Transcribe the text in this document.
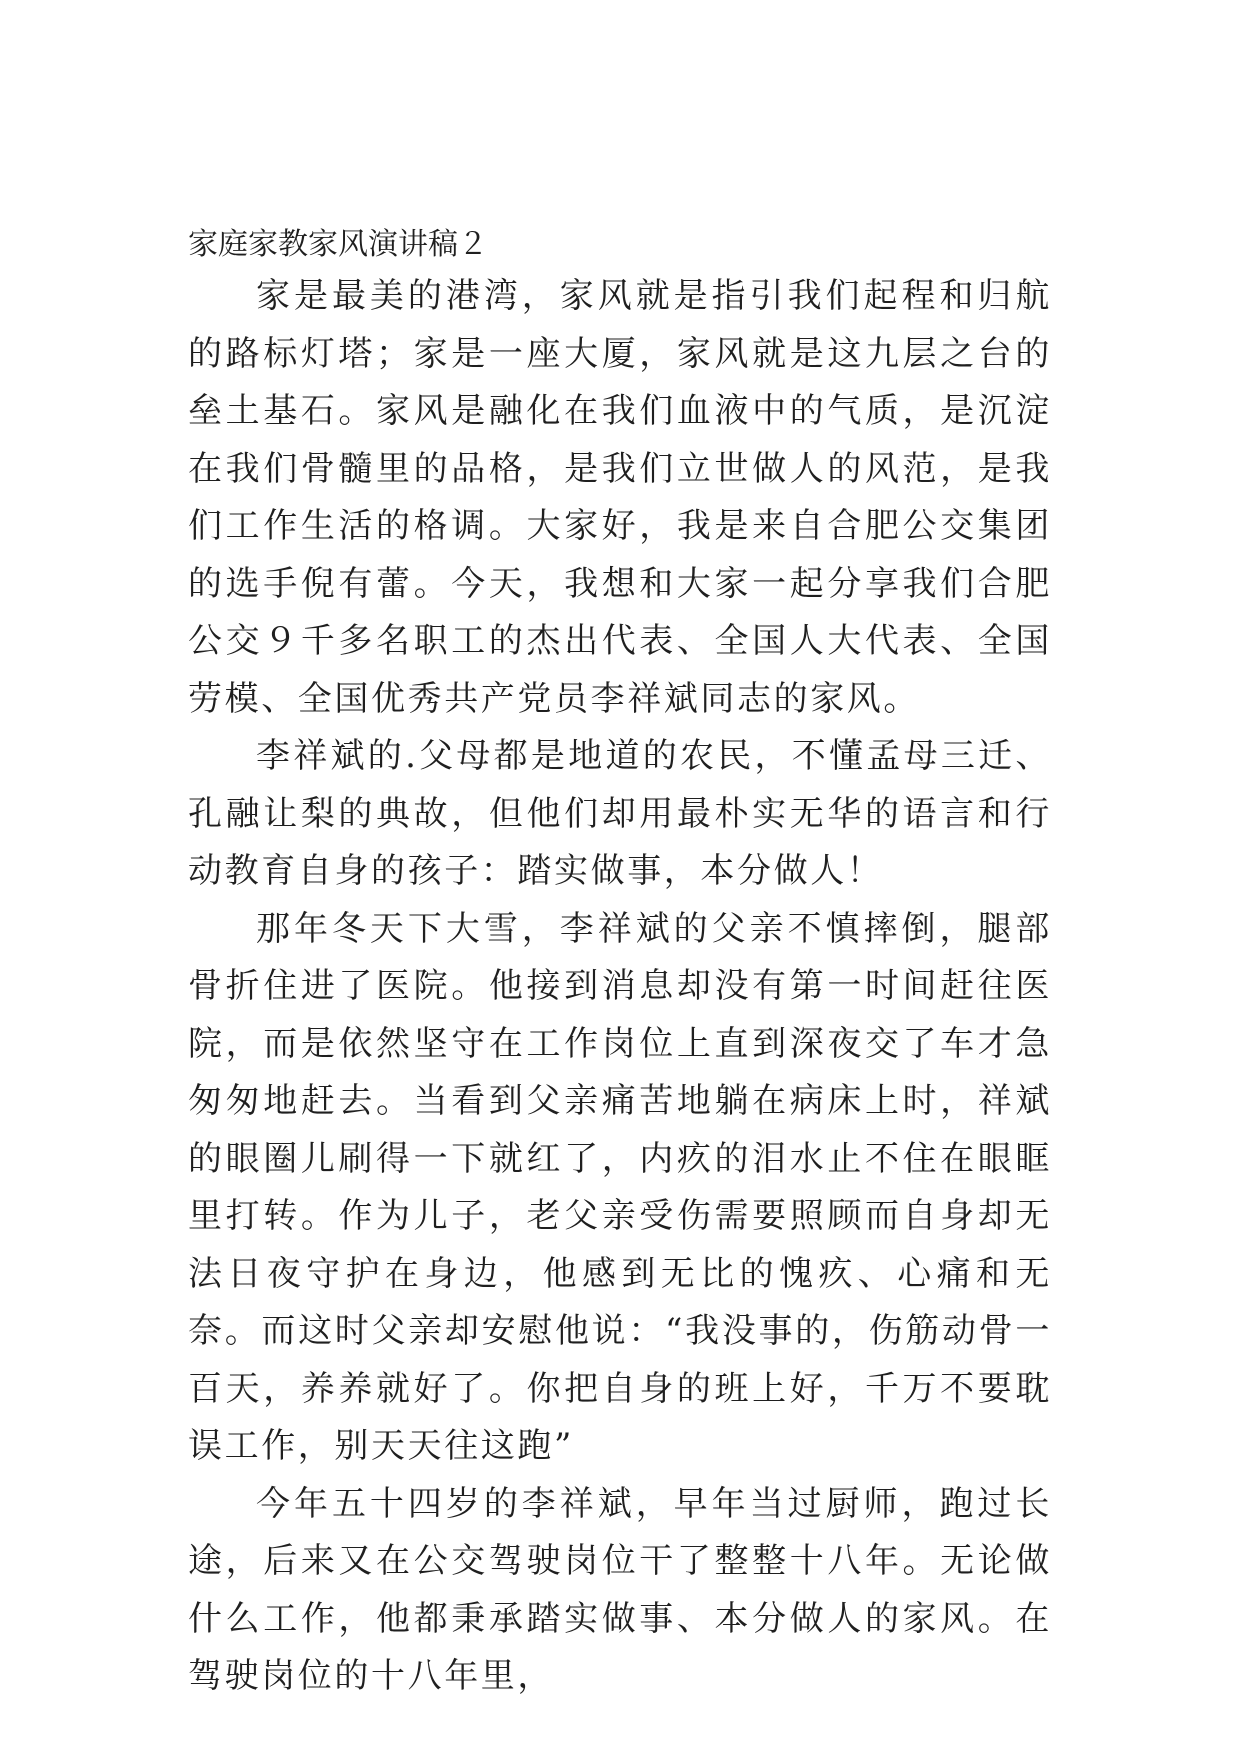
家庭家教家风演讲稿２

家是最美的港湾，家风就是指引我们起程和归航的路标灯塔；家是一座大厦，家风就是这九层之台的垒土基石。家风是融化在我们血液中的气质，是沉淀在我们骨髓里的品格，是我们立世做人的风范，是我们工作生活的格调。大家好，我是来自合肥公交集团的选手倪有蕾。今天，我想和大家一起分享我们合肥公交９千多名职工的杰出代表、全国人大代表、全国劳模、全国优秀共产党员李祥斌同志的家风。

李祥斌的.父母都是地道的农民，不懂孟母三迁、孔融让梨的典故，但他们却用最朴实无华的语言和行动教育自身的孩子：踏实做事，本分做人！

那年冬天下大雪，李祥斌的父亲不慎摔倒，腿部骨折住进了医院。他接到消息却没有第一时间赶往医院，而是依然坚守在工作岗位上直到深夜交了车才急匆匆地赶去。当看到父亲痛苦地躺在病床上时，祥斌的眼圈儿刷得一下就红了，内疚的泪水止不住在眼眶里打转。作为儿子，老父亲受伤需要照顾而自身却无法日夜守护在身边，他感到无比的愧疚、心痛和无奈。而这时父亲却安慰他说：“我没事的，伤筋动骨一百天，养养就好了。你把自身的班上好，千万不要耽误工作，别天天往这跑”

今年五十四岁的李祥斌，早年当过厨师，跑过长途，后来又在公交驾驶岗位干了整整十八年。无论做什么工作，他都秉承踏实做事、本分做人的家风。在驾驶岗位的十八年里，
